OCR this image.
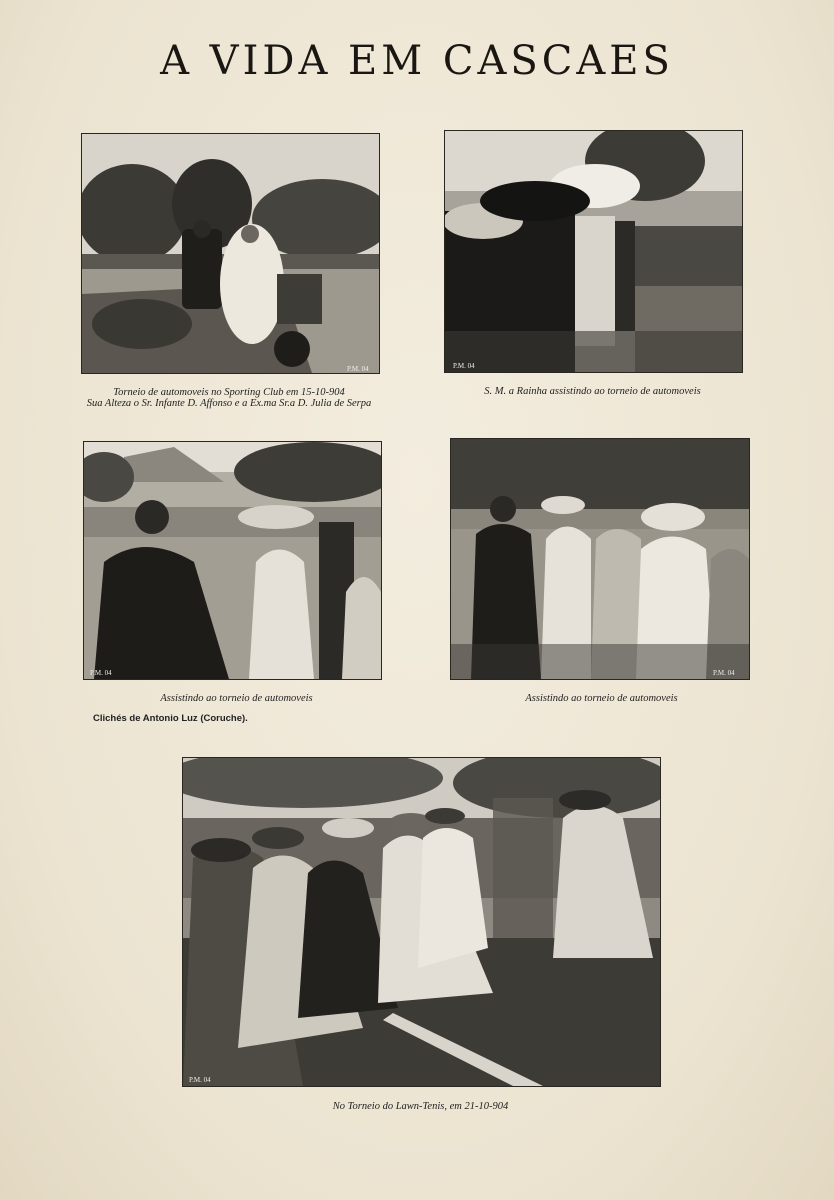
A VIDA EM CASCAES
P.M. 04

Torneio de automoveis no Sporting Club em 15-10-904

Sua Alteza o Sr. Infante D. Affonso e a Ex.ma Sr.a D. Julia de Serpa

P.M. 04

S. M. a Rainha assistindo ao torneio de automoveis

P.M. 04

Assistindo ao torneio de automoveis

Clichés de Antonio Luz (Coruche).

P.M. 04

Assistindo ao torneio de automoveis

P.M. 04

No Torneio do Lawn-Tenis, em 21-10-904
